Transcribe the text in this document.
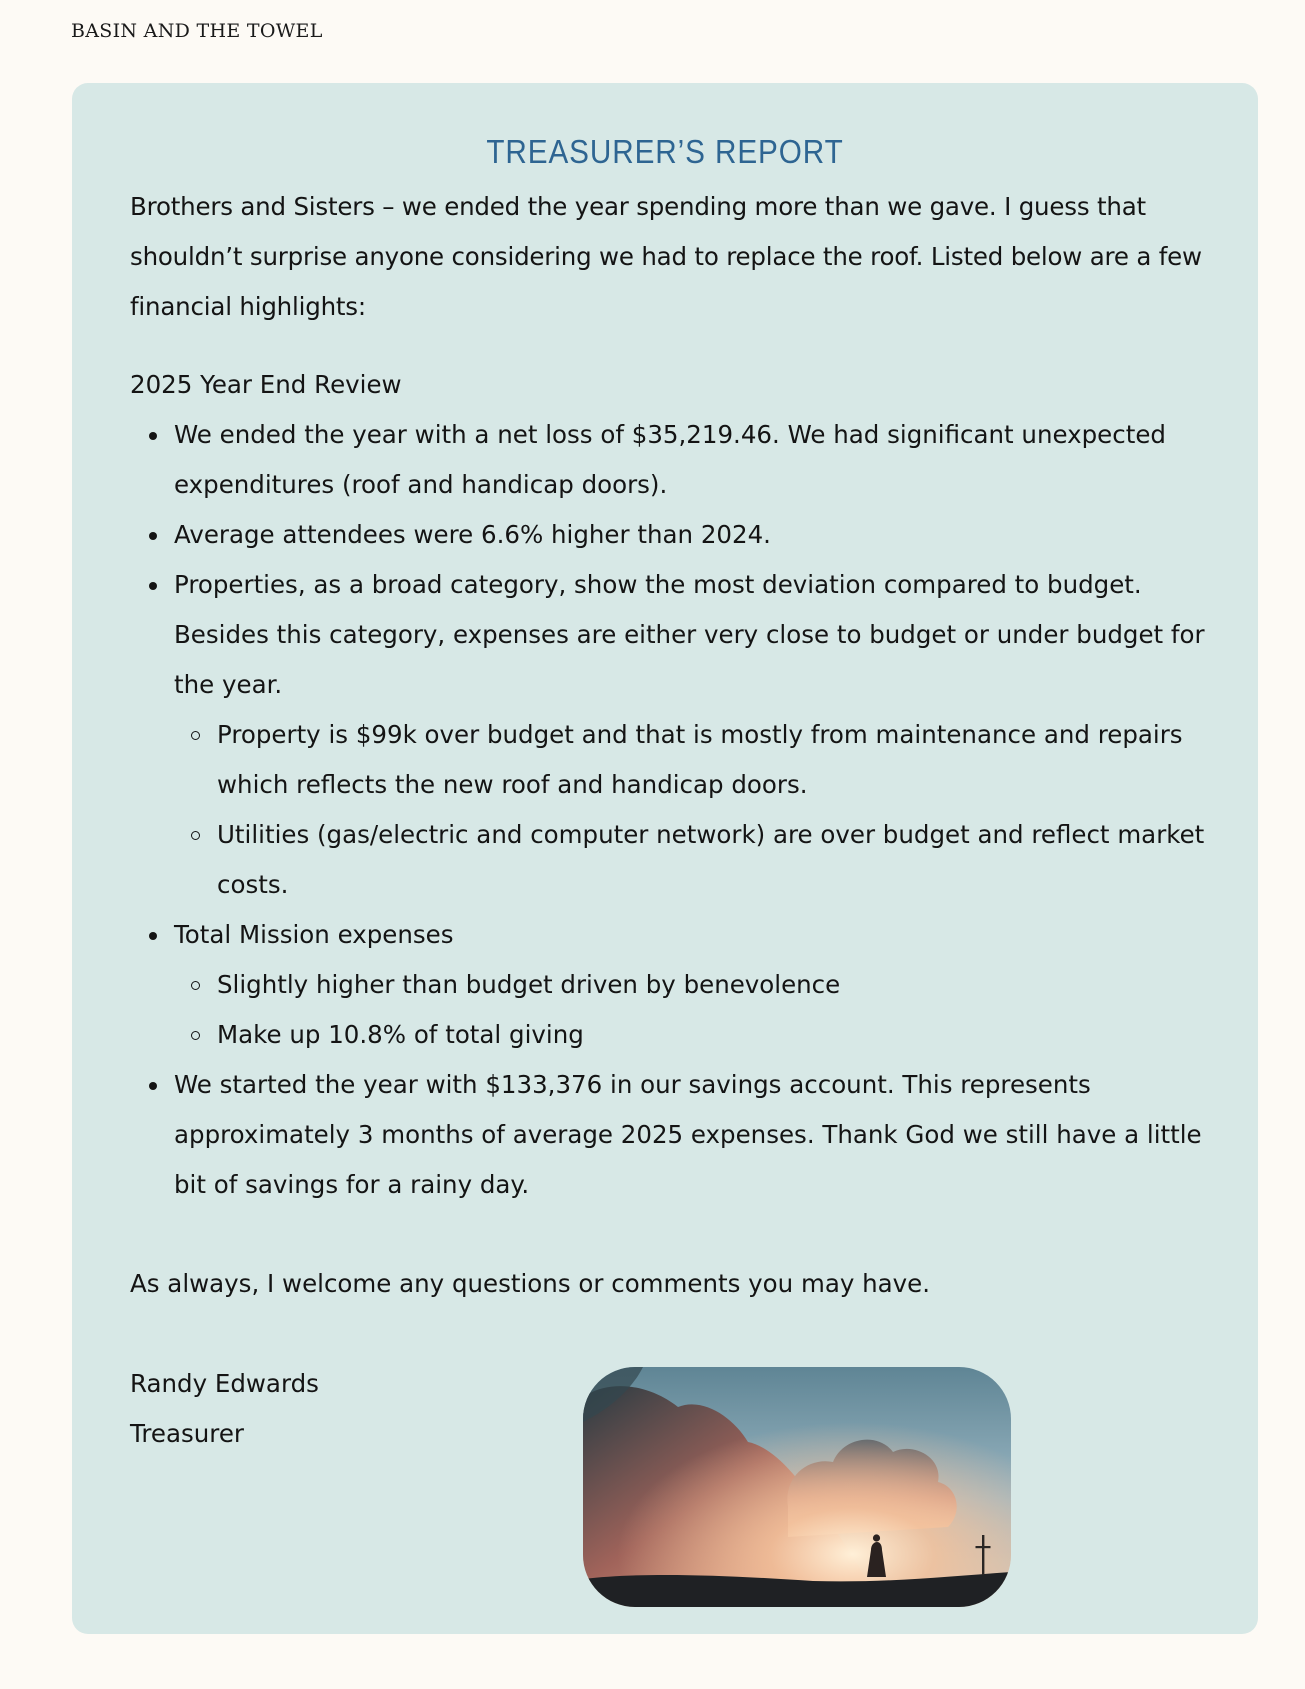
BASIN AND THE TOWEL
TREASURER’S REPORT

Brothers and Sisters – we ended the year spending more than we gave. I guess that shouldn’t surprise anyone considering we had to replace the roof. Listed below are a few financial highlights:

2025 Year End Review

We ended the year with a net loss of $35,219.46. We had significant unexpected expenditures (roof and handicap doors).
Average attendees were 6.6% higher than 2024.
Properties, as a broad category, show the most deviation compared to budget. Besides this category, expenses are either very close to budget or under budget for the year.
Property is $99k over budget and that is mostly from maintenance and repairs which reflects the new roof and handicap doors.
Utilities (gas/electric and computer network) are over budget and reflect market costs.
Total Mission expenses
Slightly higher than budget driven by benevolence
Make up 10.8% of total giving
We started the year with $133,376 in our savings account. This represents approximately 3 months of average 2025 expenses. Thank God we still have a little bit of savings for a rainy day.

As always, I welcome any questions or comments you may have.

Randy Edwards

Treasurer
